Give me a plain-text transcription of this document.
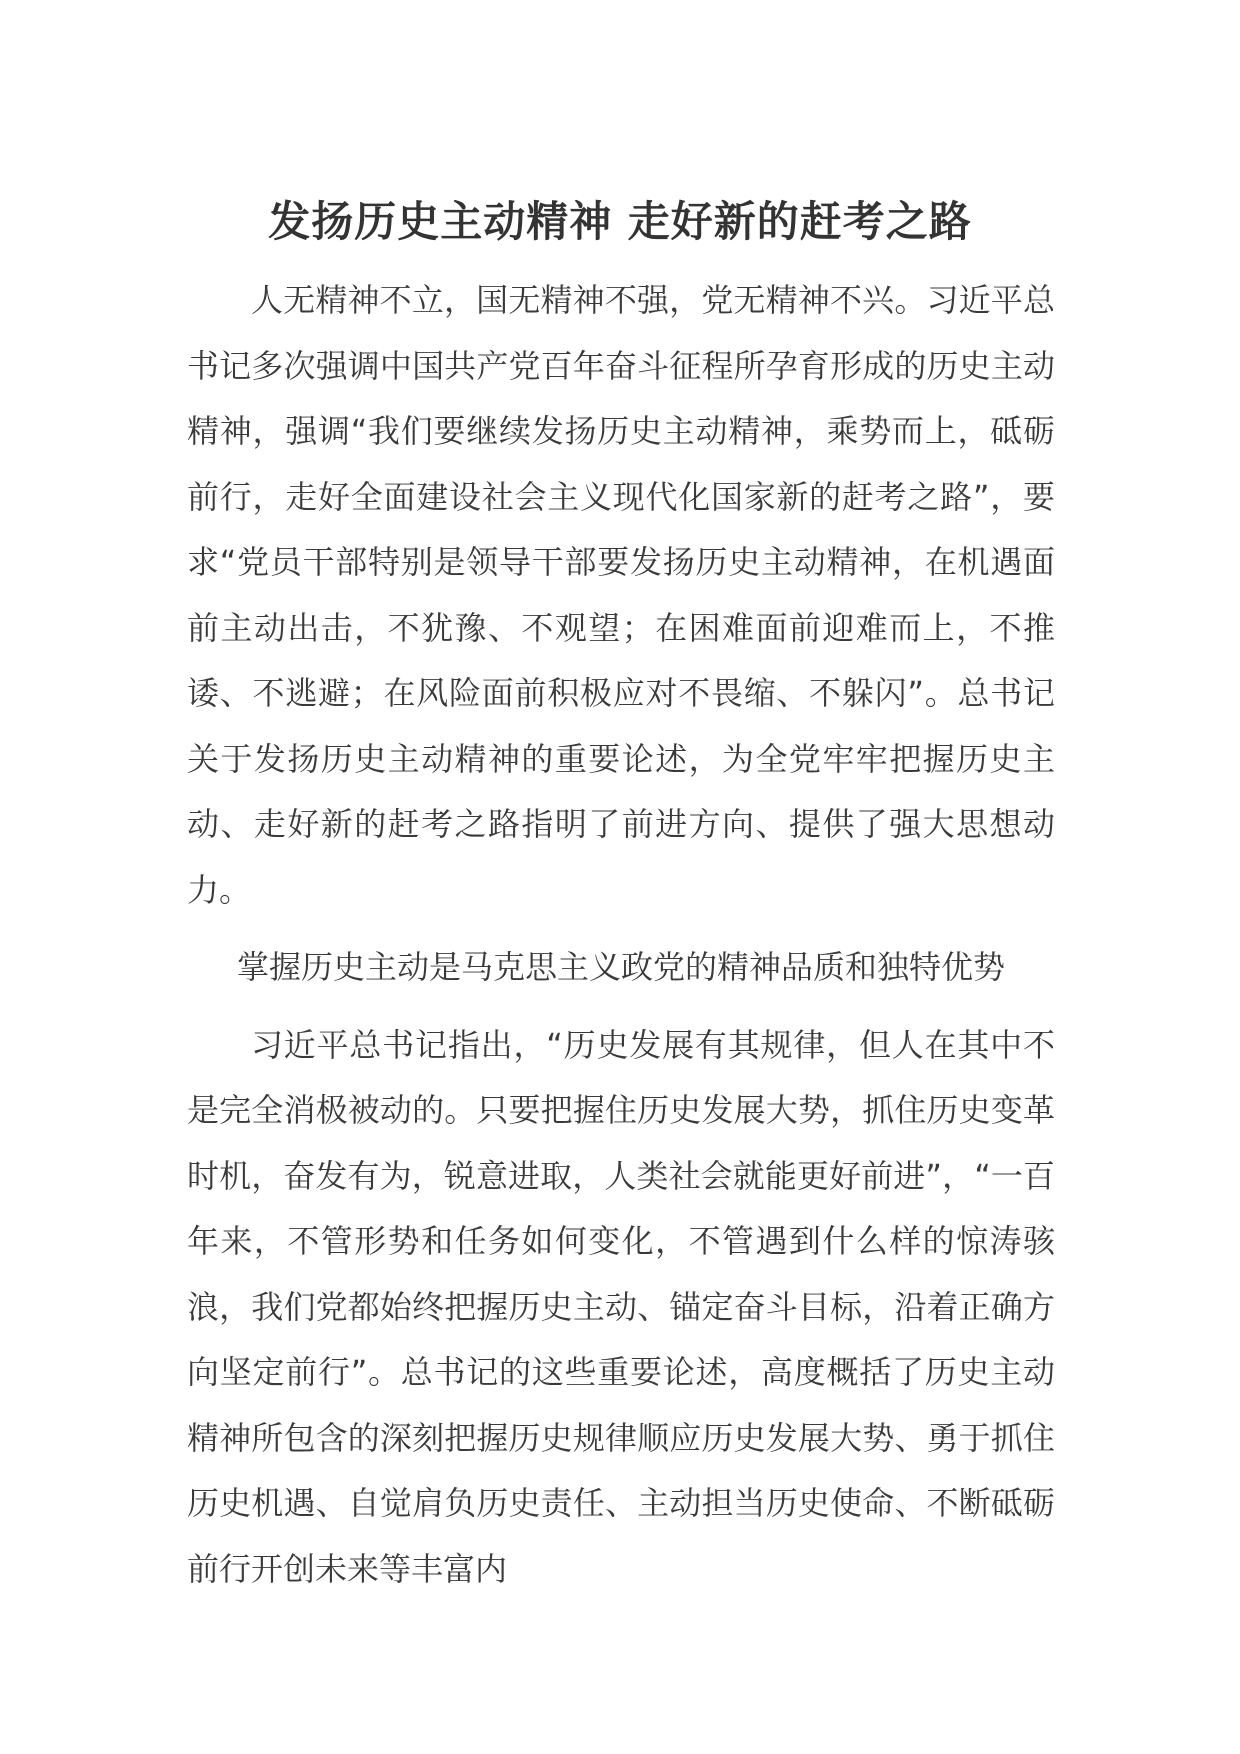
发扬历史主动精神 走好新的赶考之路

人无精神不立，国无精神不强，党无精神不兴。习近平总书记多次强调中国共产党百年奋斗征程所孕育形成的历史主动精神，强调“我们要继续发扬历史主动精神，乘势而上，砥砺前行，走好全面建设社会主义现代化国家新的赶考之路”，要求“党员干部特别是领导干部要发扬历史主动精神，在机遇面前主动出击，不犹豫、不观望；在困难面前迎难而上，不推诿、不逃避；在风险面前积极应对不畏缩、不躲闪”。总书记关于发扬历史主动精神的重要论述，为全党牢牢把握历史主动、走好新的赶考之路指明了前进方向、提供了强大思想动力。

掌握历史主动是马克思主义政党的精神品质和独特优势

习近平总书记指出，“历史发展有其规律，但人在其中不是完全消极被动的。只要把握住历史发展大势，抓住历史变革时机，奋发有为，锐意进取，人类社会就能更好前进”，“一百年来，不管形势和任务如何变化，不管遇到什么样的惊涛骇浪，我们党都始终把握历史主动、锚定奋斗目标，沿着正确方向坚定前行”。总书记的这些重要论述，高度概括了历史主动精神所包含的深刻把握历史规律顺应历史发展大势、勇于抓住历史机遇、自觉肩负历史责任、主动担当历史使命、不断砥砺前行开创未来等丰富内
